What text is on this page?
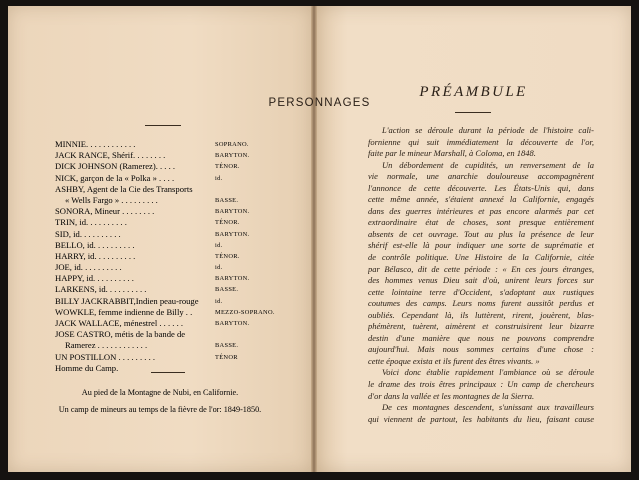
PERSONNAGES
MINNIE. . . . . . . . . . . .	SOPRANO.
JACK RANCE, Shérif. . . . . . . .	BARYTON.
DICK JOHNSON (Ramerez). . . . .	TÉNOR.
NICK, garçon de la « Polka » . . . .	id.
ASHBY, Agent de la Cie des Transports
« Wells Fargo » . . . . . . . . .	BASSE.
SONORA, Mineur . . . . . . . .	BARYTON.
TRIN, id. . . . . . . . . .	TÉNOR.
SID, id. . . . . . . . . .	BARYTON.
BELLO, id. . . . . . . . . .	id.
HARRY, id. . . . . . . . . .	TÉNOR.
JOE, id. . . . . . . . . .	id.
HAPPY, id. . . . . . . . . .	BARYTON.
LARKENS, id. . . . . . . . . .	BASSE.
BILLY JACKRABBIT,Indien peau-rouge	id.
WOWKLE, femme indienne de Billy . .	MEZZO-SOPRANO.
JACK WALLACE, ménestrel . . . . . .	BARYTON.
JOSE CASTRO, métis de la bande de
Ramerez . . . . . . . . . . . .	BASSE.
UN POSTILLON . . . . . . . . .	TÉNOR
Homme du Camp.
Au pied de la Montagne de Nubi, en Californie.
Un camp de mineurs au temps de la fièvre de l'or: 1849-1850.
PRÉAMBULE
L'action se déroule durant la période de l'histoire cali-
fornienne qui suit immédiatement la découverte de l'or,
faite par le mineur Marshall, à Coloma, en 1848.
Un débordement de cupidités, un renversement de la
vie normale, une anarchie douloureuse accompagnèrent
l'annonce de cette découverte. Les États-Unis qui, dans
cette même année, s'étaient annexé la Californie, engagés
dans des guerres intérieures et pas encore alarmés par cet
extraordinaire état de choses, sont presque entièrement
absents de cet ouvrage. Tout au plus la présence de leur
shérif est-elle là pour indiquer une sorte de suprématie et
de contrôle politique. Une Histoire de la Californie, citée
par Bélasco, dit de cette période : « En ces jours étranges,
des hommes venus Dieu sait d'où, unirent leurs forces sur
cette lointaine terre d'Occident, s'adoptant aux rustiques
coutumes des camps. Leurs noms furent aussitôt perdus et
oubliés. Cependant là, ils luttèrent, rirent, jouèrent, blas-
phémèrent, tuèrent, aimèrent et construisirent leur bizarre
destin d'une manière que nous ne pouvons comprendre
aujourd'hui. Mais nous sommes certains d'une chose :
cette époque exista et ils furent des êtres vivants. »
Voici donc établie rapidement l'ambiance où se déroule
le drame des trois êtres principaux : Un camp de chercheurs
d'or dans la vallée et les montagnes de la Sierra.
De ces montagnes descendent, s'unissant aux travailleurs
qui viennent de partout, les habitants du lieu, faisant cause
